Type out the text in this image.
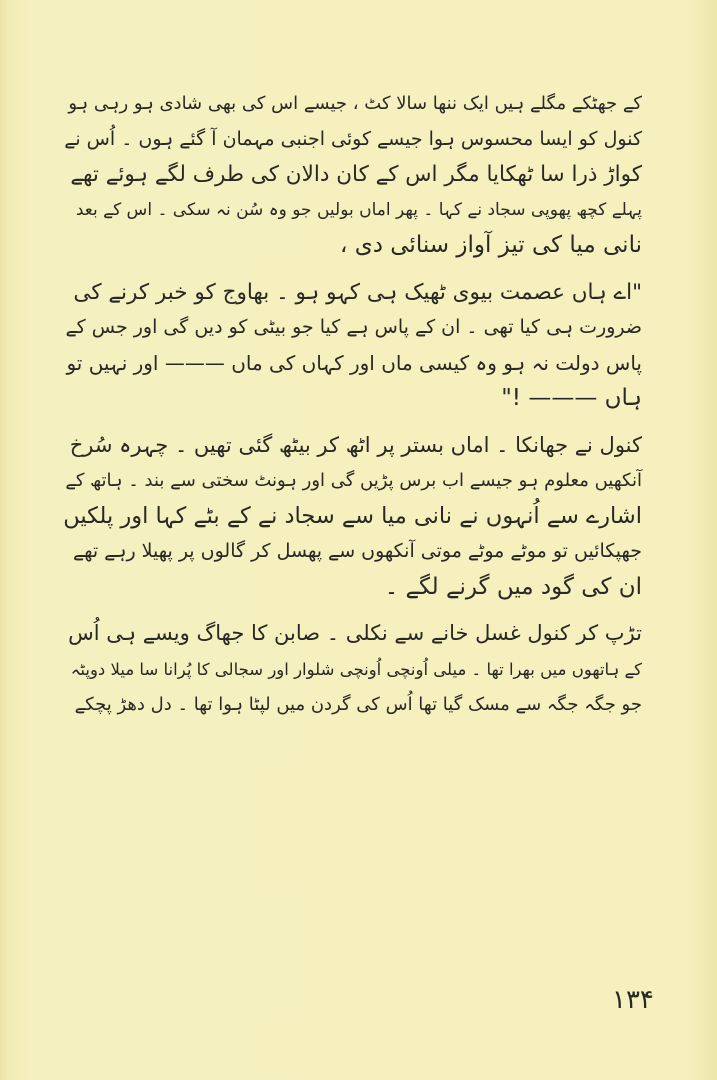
کے جھٹکے مگلے ہیں ایک ننھا سالا کٹ ، جیسے اس کی بھی شادی ہو رہی ہو
کنول کو ایسا محسوس ہوا جیسے کوئی اجنبی مہمان آ گئے ہوں ۔ اُس نے
کواڑ ذرا سا ٹھکایا مگر اس کے کان دالان کی طرف لگے ہوئے تھے
پہلے کچھ پھوپی سجاد نے کہا ۔ پھر اماں بولیں جو وہ سُن نہ سکی ۔ اس کے بعد
نانی میا کی تیز آواز سنائی دی ،
"اے ہاں عصمت بیوی ٹھیک ہی کہو ہو ۔ بھاوج کو خبر کرنے کی
ضرورت ہی کیا تھی ۔ ان کے پاس ہے کیا جو بیٹی کو دیں گی اور جس کے
پاس دولت نہ ہو وہ کیسی ماں اور کہاں کی ماں ——— اور نہیں تو
ہاں ——— !"
کنول نے جھانکا ۔ اماں بستر پر اٹھ کر بیٹھ گئی تھیں ۔ چہرہ سُرخ
آنکھیں معلوم ہو جیسے اب برس پڑیں گی اور ہونٹ سختی سے بند ۔ ہاتھ کے
اشارے سے اُنہوں نے نانی میا سے سجاد نے کے بٹے کہا اور پلکیں
جھپکائیں تو موٹے موٹے موتی آنکھوں سے پھسل کر گالوں پر پھیلا رہے تھے
ان کی گود میں گرنے لگے ۔
تڑپ کر کنول غسل خانے سے نکلی ۔ صابن کا جھاگ ویسے ہی اُس
کے ہاتھوں میں بھرا تھا ۔ میلی اُونچی اُونچی شلوار اور سجالی کا پُرانا سا میلا دوپٹہ
جو جگہ جگہ سے مسک گیا تھا اُس کی گردن میں لپٹا ہوا تھا ۔ دل دھڑ پچکے
۱۳۴
